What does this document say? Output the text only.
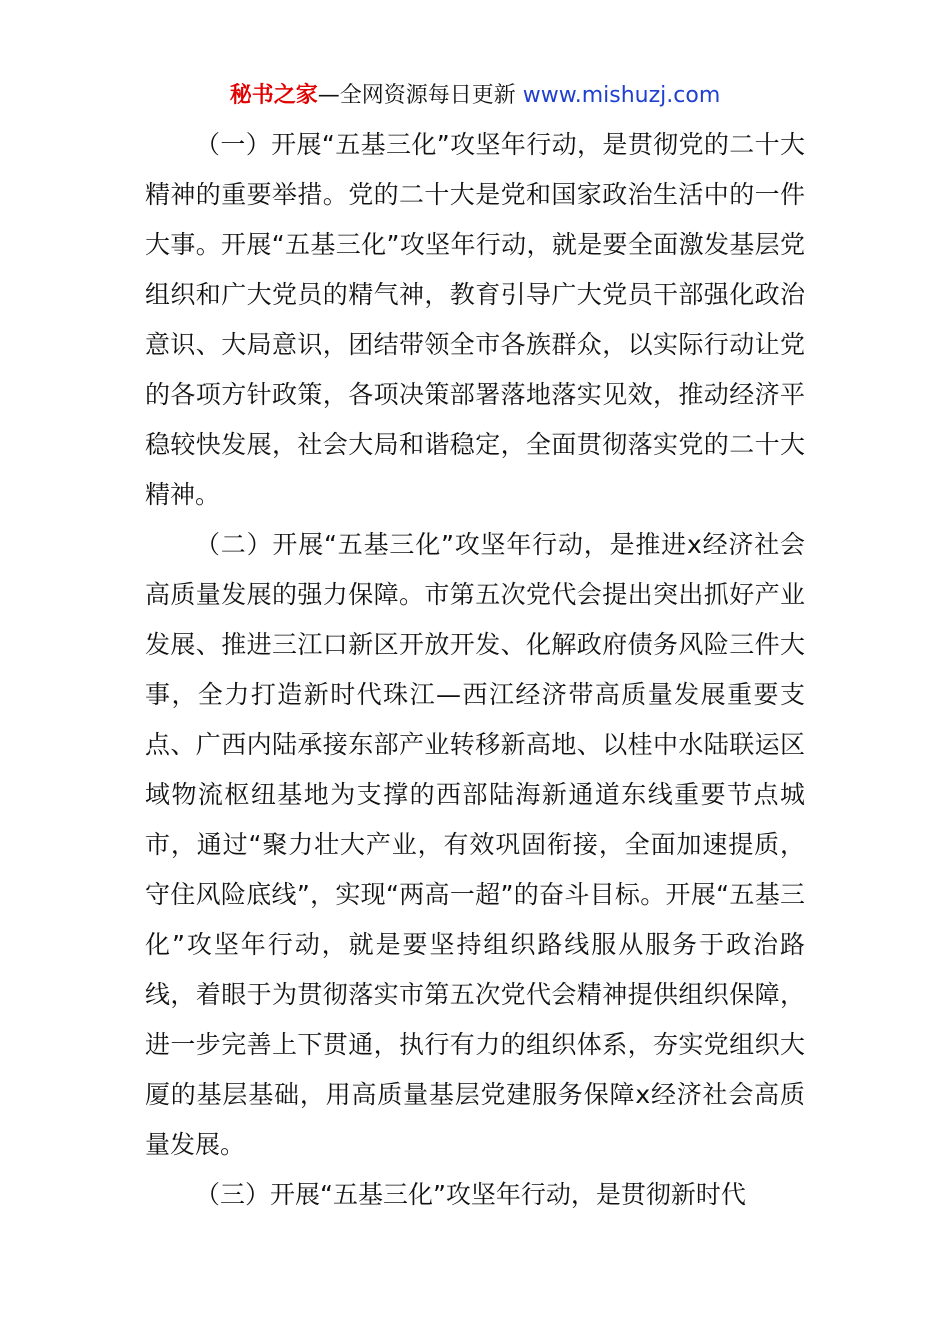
秘书之家—全网资源每日更新 www.mishuzj.com

（一）开展“五基三化”攻坚年行动，是贯彻党的二十大精神的重要举措。党的二十大是党和国家政治生活中的一件大事。开展“五基三化”攻坚年行动，就是要全面激发基层党组织和广大党员的精气神，教育引导广大党员干部强化政治意识、大局意识，团结带领全市各族群众，以实际行动让党的各项方针政策，各项决策部署落地落实见效，推动经济平稳较快发展，社会大局和谐稳定，全面贯彻落实党的二十大精神。

（二）开展“五基三化”攻坚年行动，是推进x经济社会高质量发展的强力保障。市第五次党代会提出突出抓好产业发展、推进三江口新区开放开发、化解政府债务风险三件大事，全力打造新时代珠江—西江经济带高质量发展重要支点、广西内陆承接东部产业转移新高地、以桂中水陆联运区域物流枢纽基地为支撑的西部陆海新通道东线重要节点城市，通过“聚力壮大产业，有效巩固衔接，全面加速提质，守住风险底线”，实现“两高一超”的奋斗目标。开展“五基三化”攻坚年行动，就是要坚持组织路线服从服务于政治路线，着眼于为贯彻落实市第五次党代会精神提供组织保障，进一步完善上下贯通，执行有力的组织体系，夯实党组织大厦的基层基础，用高质量基层党建服务保障x经济社会高质量发展。

（三）开展“五基三化”攻坚年行动，是贯彻新时代
